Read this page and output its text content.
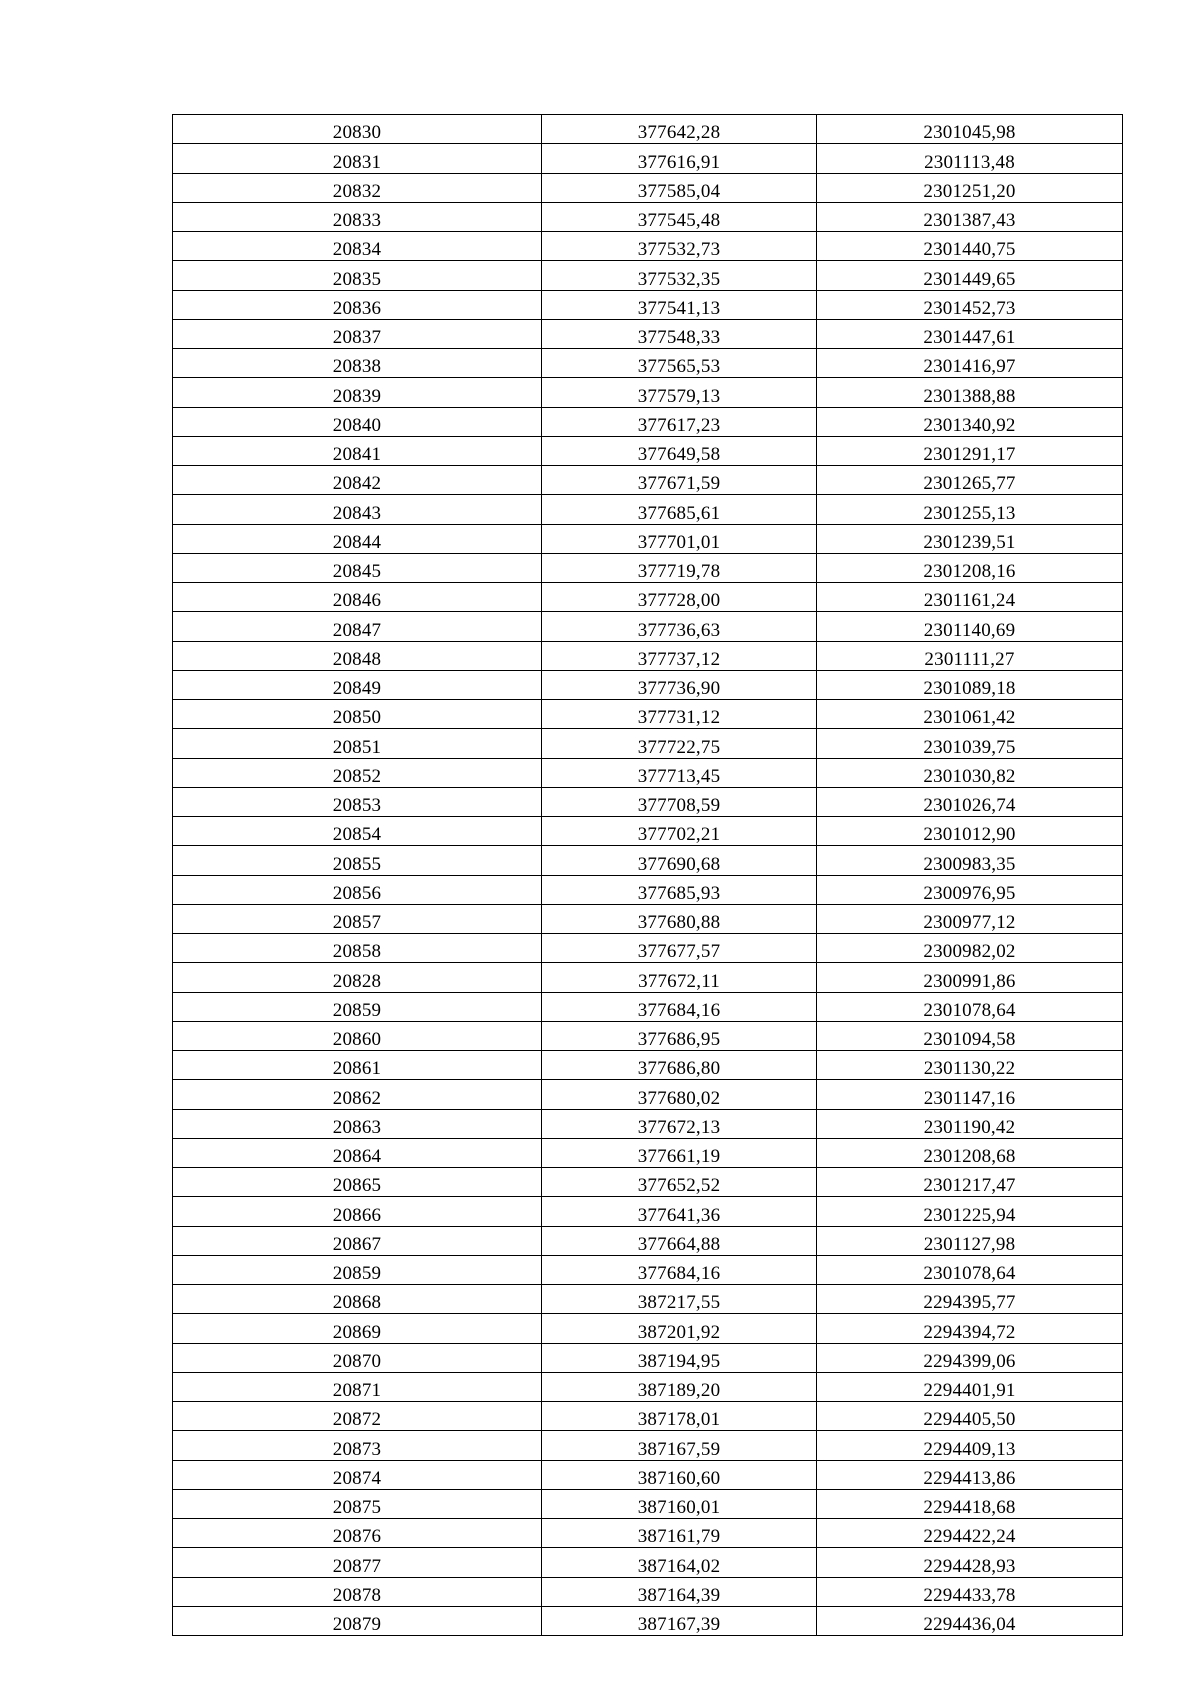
20830	377642,28	2301045,98
20831	377616,91	2301113,48
20832	377585,04	2301251,20
20833	377545,48	2301387,43
20834	377532,73	2301440,75
20835	377532,35	2301449,65
20836	377541,13	2301452,73
20837	377548,33	2301447,61
20838	377565,53	2301416,97
20839	377579,13	2301388,88
20840	377617,23	2301340,92
20841	377649,58	2301291,17
20842	377671,59	2301265,77
20843	377685,61	2301255,13
20844	377701,01	2301239,51
20845	377719,78	2301208,16
20846	377728,00	2301161,24
20847	377736,63	2301140,69
20848	377737,12	2301111,27
20849	377736,90	2301089,18
20850	377731,12	2301061,42
20851	377722,75	2301039,75
20852	377713,45	2301030,82
20853	377708,59	2301026,74
20854	377702,21	2301012,90
20855	377690,68	2300983,35
20856	377685,93	2300976,95
20857	377680,88	2300977,12
20858	377677,57	2300982,02
20828	377672,11	2300991,86
20859	377684,16	2301078,64
20860	377686,95	2301094,58
20861	377686,80	2301130,22
20862	377680,02	2301147,16
20863	377672,13	2301190,42
20864	377661,19	2301208,68
20865	377652,52	2301217,47
20866	377641,36	2301225,94
20867	377664,88	2301127,98
20859	377684,16	2301078,64
20868	387217,55	2294395,77
20869	387201,92	2294394,72
20870	387194,95	2294399,06
20871	387189,20	2294401,91
20872	387178,01	2294405,50
20873	387167,59	2294409,13
20874	387160,60	2294413,86
20875	387160,01	2294418,68
20876	387161,79	2294422,24
20877	387164,02	2294428,93
20878	387164,39	2294433,78
20879	387167,39	2294436,04
